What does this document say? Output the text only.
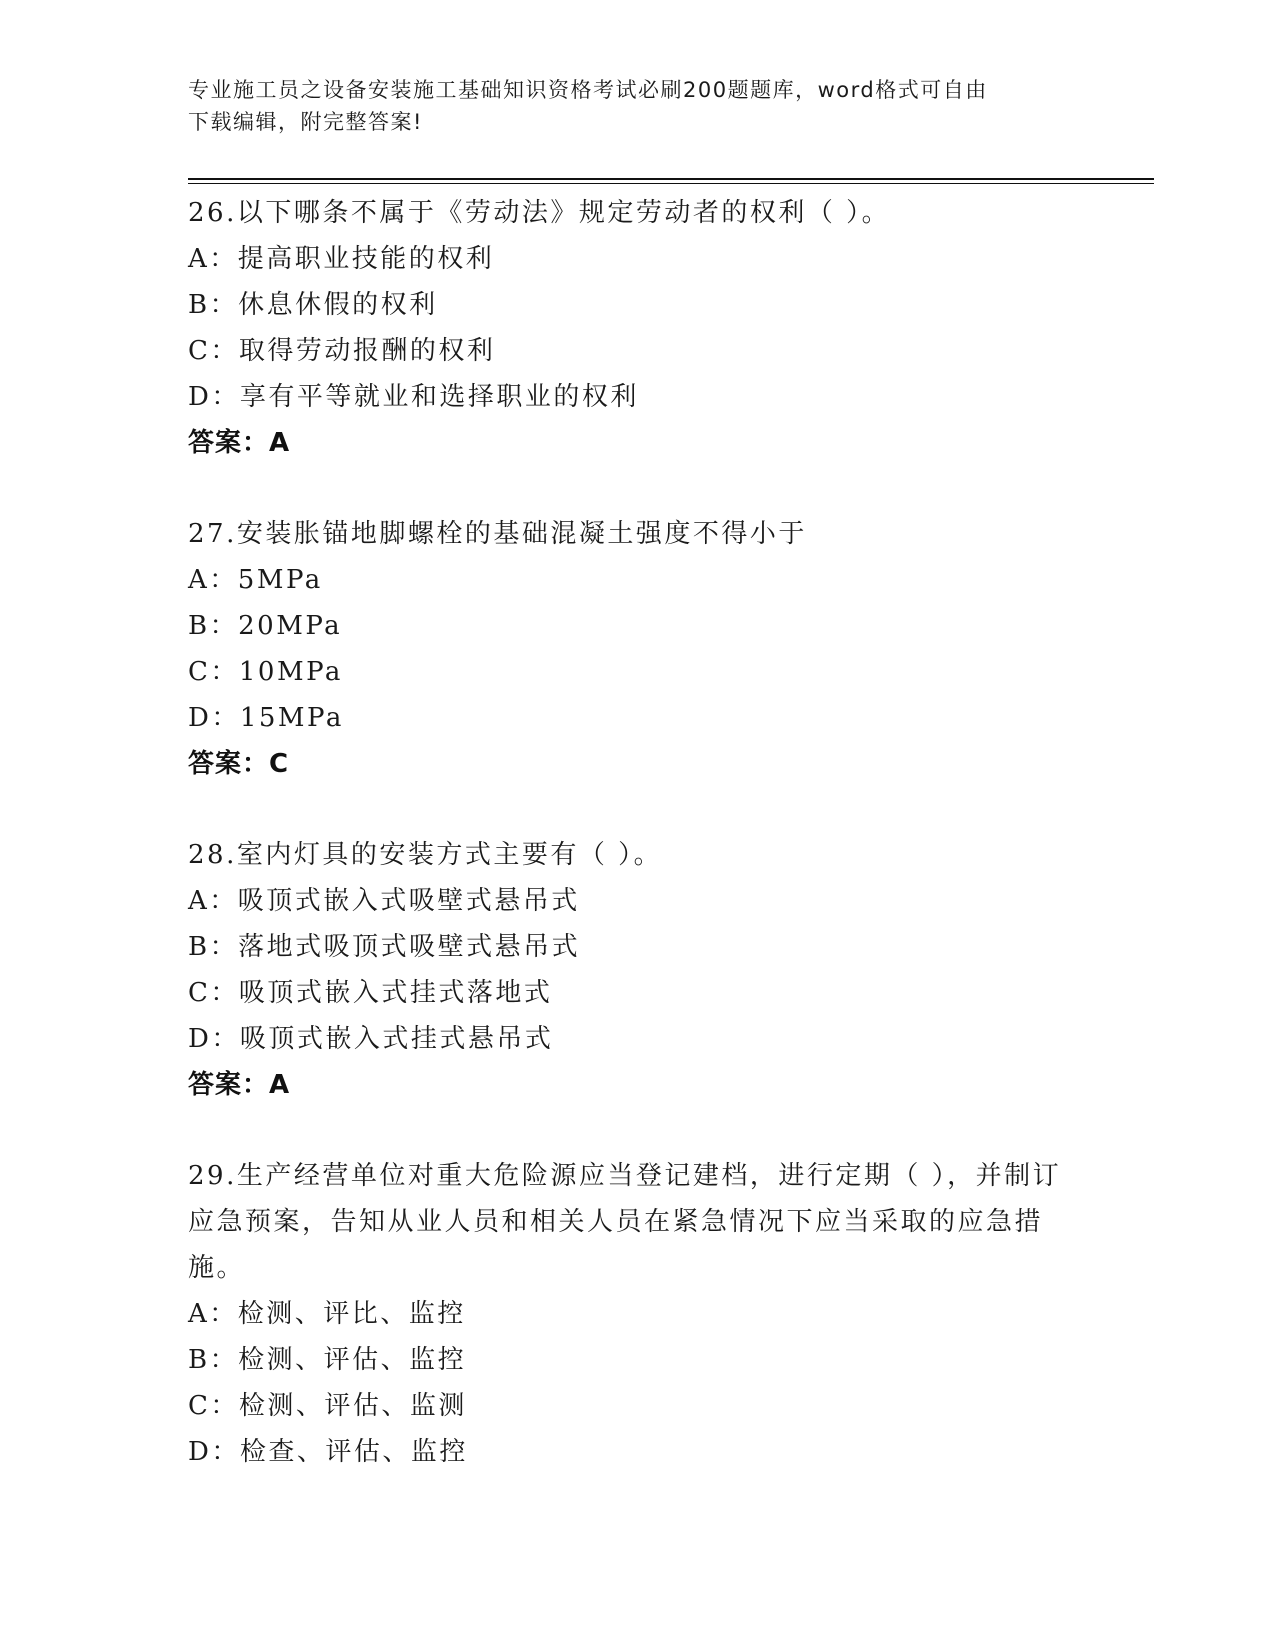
专业施工员之设备安装施工基础知识资格考试必刷200题题库，word格式可自由
下载编辑，附完整答案!
26.以下哪条不属于《劳动法》规定劳动者的权利（ ）。
A：提高职业技能的权利
B：休息休假的权利
C：取得劳动报酬的权利
D：享有平等就业和选择职业的权利
答案：A
27.安装胀锚地脚螺栓的基础混凝土强度不得小于
A：5MPa
B：20MPa
C：10MPa
D：15MPa
答案：C
28.室内灯具的安装方式主要有（ ）。
A：吸顶式嵌入式吸壁式悬吊式
B：落地式吸顶式吸壁式悬吊式
C：吸顶式嵌入式挂式落地式
D：吸顶式嵌入式挂式悬吊式
答案：A
29.生产经营单位对重大危险源应当登记建档，进行定期（ ），并制订应急预案，告知从业人员和相关人员在紧急情况下应当采取的应急措施。
A：检测、评比、监控
B：检测、评估、监控
C：检测、评估、监测
D：检查、评估、监控
